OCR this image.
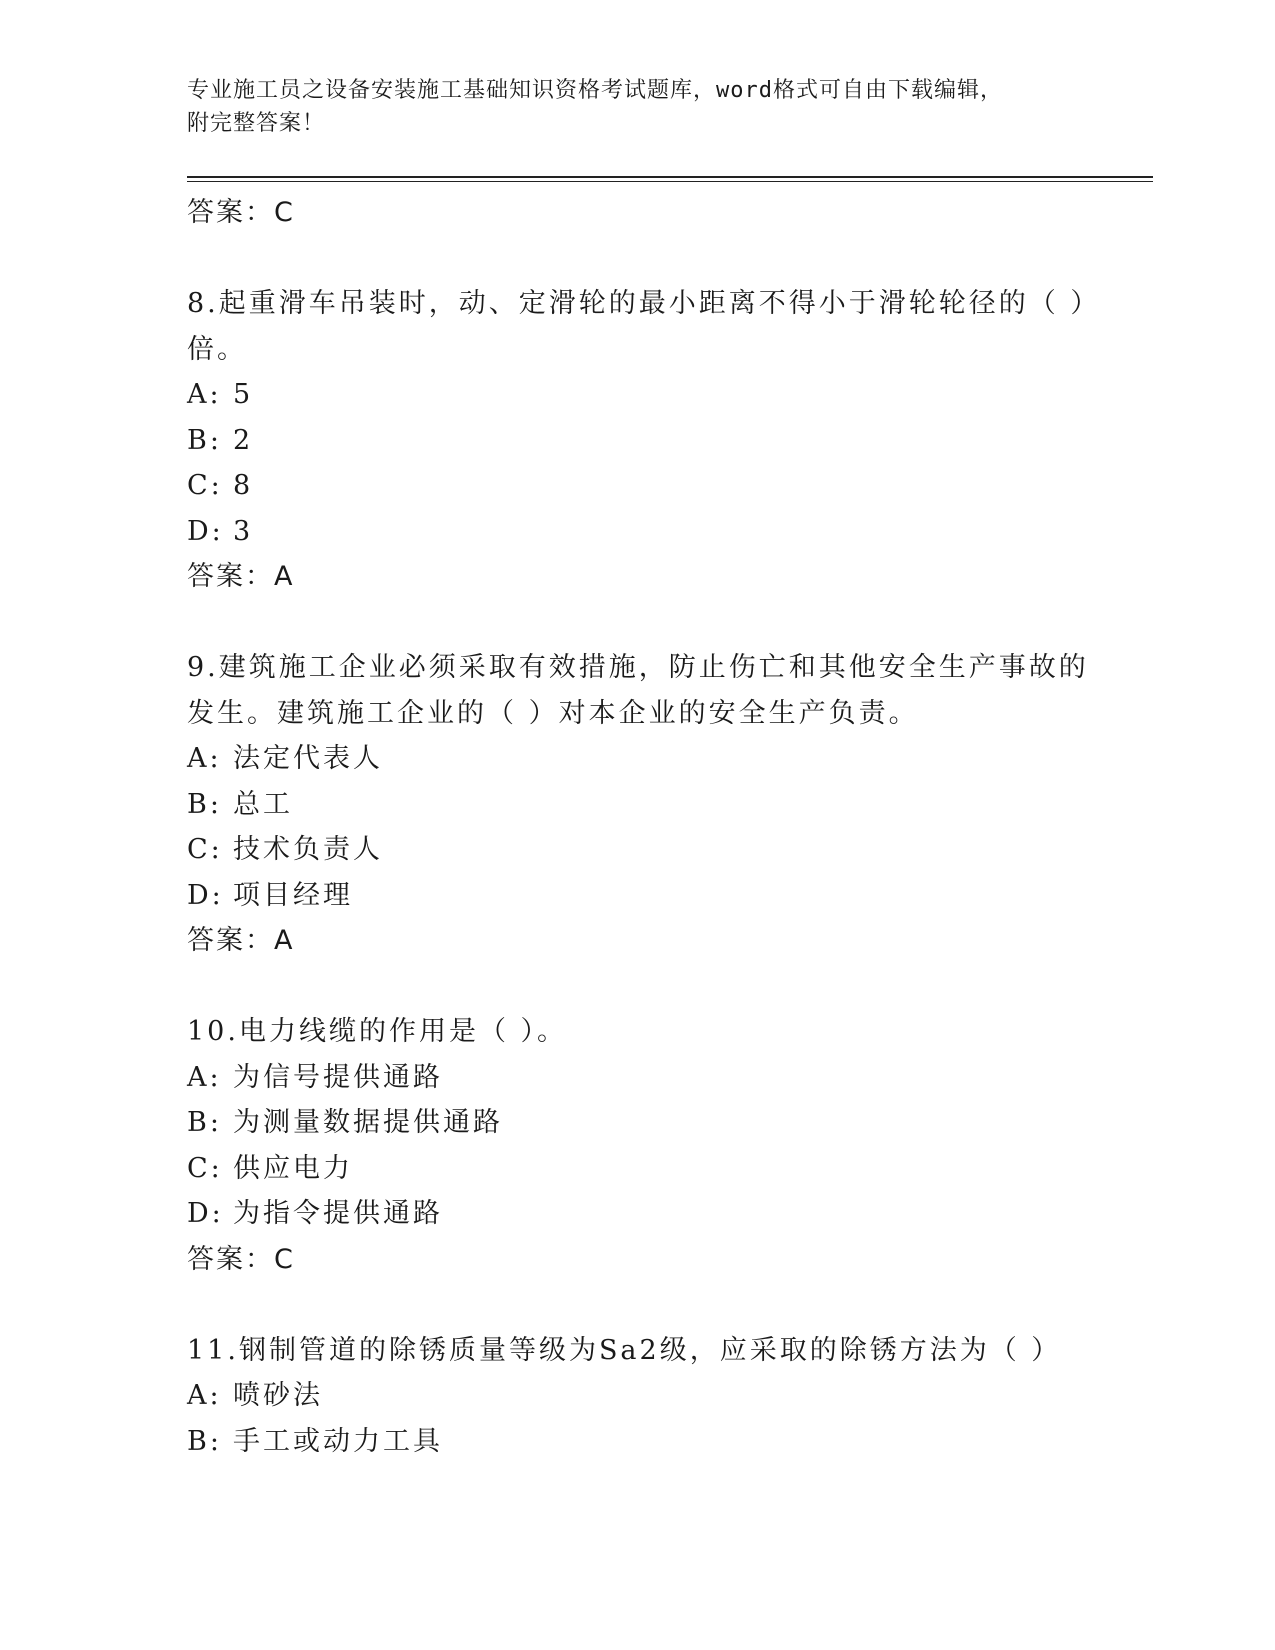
专业施工员之设备安装施工基础知识资格考试题库，word格式可自由下载编辑，
附完整答案！
答案：C
8.起重滑车吊装时，动、定滑轮的最小距离不得小于滑轮轮径的（ ）
倍。
A: 5
B: 2
C: 8
D: 3
答案：A
9.建筑施工企业必须采取有效措施，防止伤亡和其他安全生产事故的
发生。建筑施工企业的（ ）对本企业的安全生产负责。
A: 法定代表人
B: 总工
C: 技术负责人
D: 项目经理
答案：A
10.电力线缆的作用是（ ）。
A: 为信号提供通路
B: 为测量数据提供通路
C: 供应电力
D: 为指令提供通路
答案：C
11.钢制管道的除锈质量等级为Sa2级，应采取的除锈方法为（ ）
A: 喷砂法
B: 手工或动力工具
